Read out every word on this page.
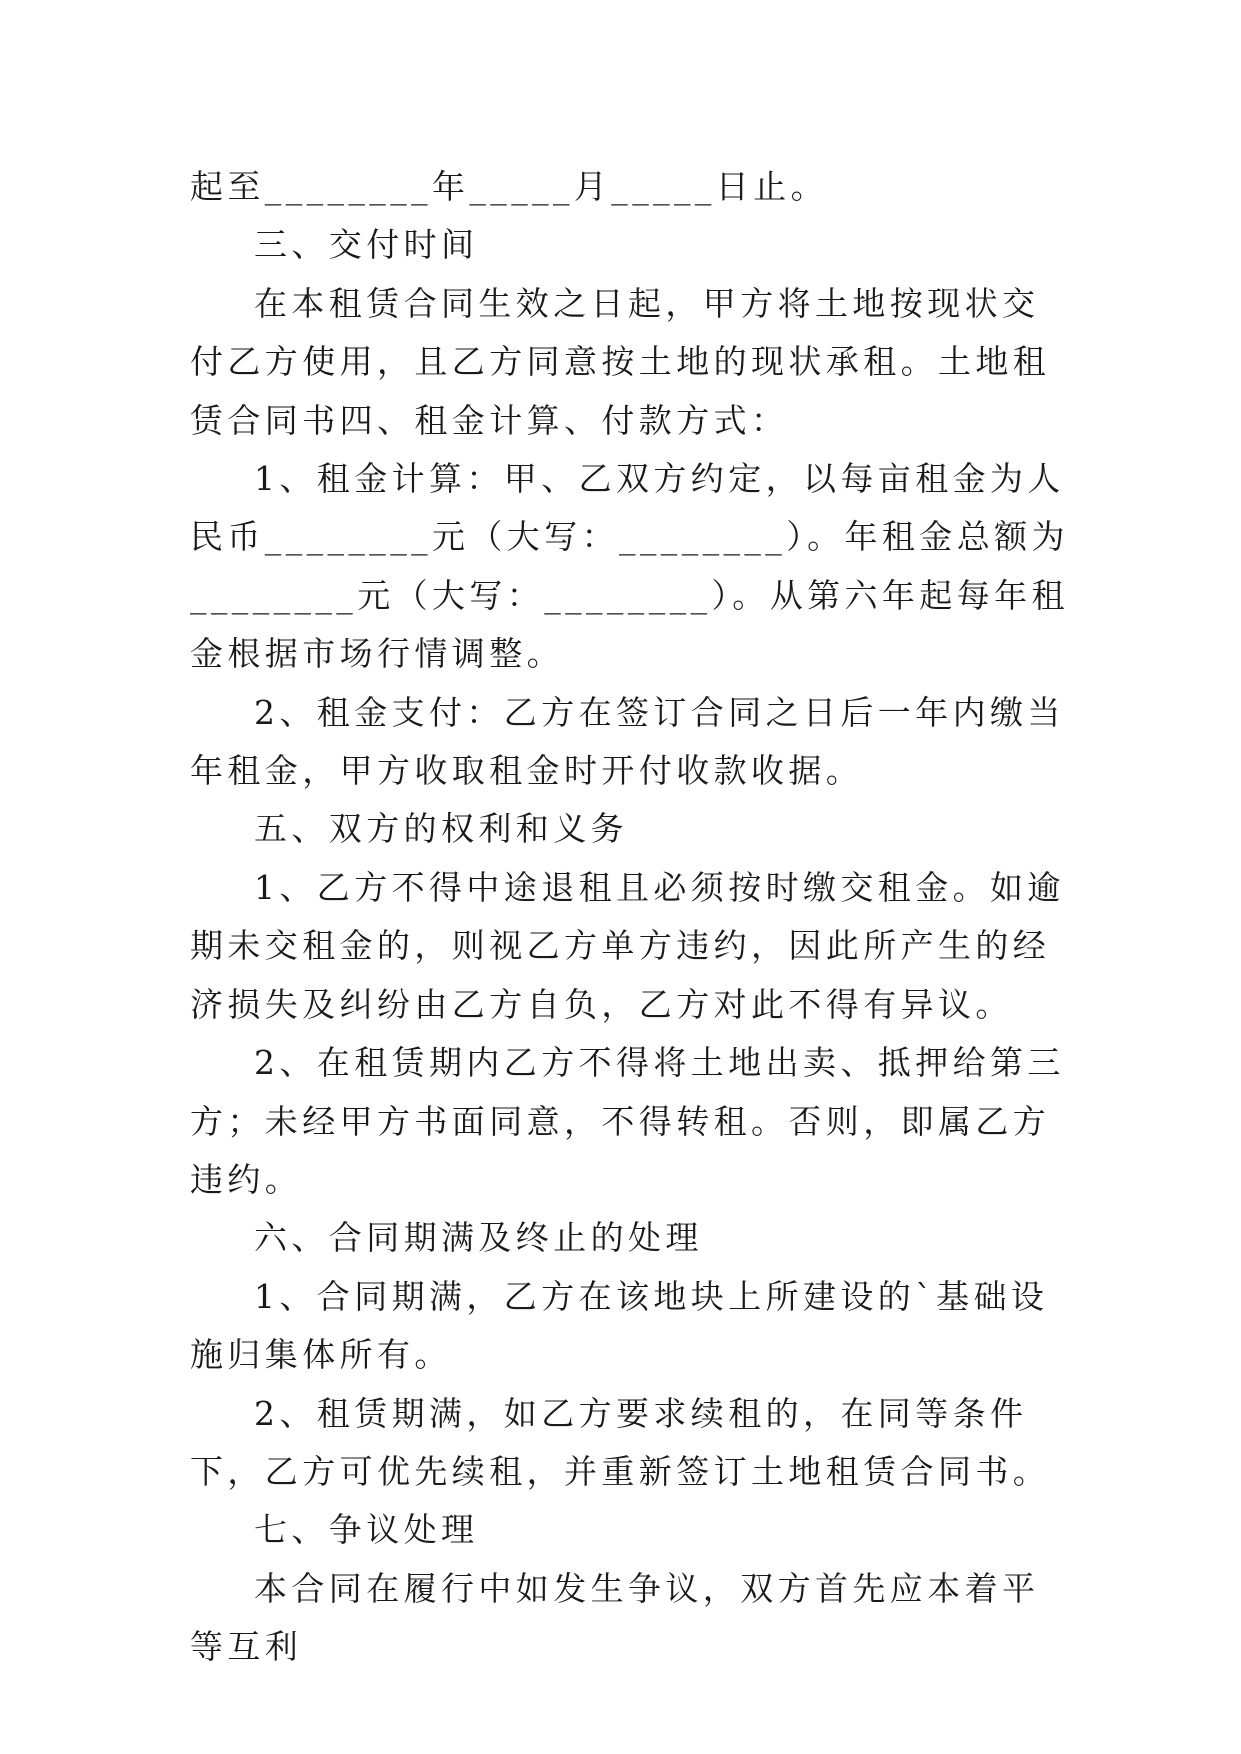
起至________年_____月_____日止。

三、交付时间

在本租赁合同生效之日起，甲方将土地按现状交付乙方使用，且乙方同意按土地的现状承租。土地租赁合同书四、租金计算、付款方式：

1、租金计算：甲、乙双方约定，以每亩租金为人民币________元（大写：________）。年租金总额为________元（大写：________）。从第六年起每年租金根据市场行情调整。

2、租金支付：乙方在签订合同之日后一年内缴当年租金，甲方收取租金时开付收款收据。

五、双方的权利和义务

1、乙方不得中途退租且必须按时缴交租金。如逾期未交租金的，则视乙方单方违约，因此所产生的经济损失及纠纷由乙方自负，乙方对此不得有异议。

2、在租赁期内乙方不得将土地出卖、抵押给第三方；未经甲方书面同意，不得转租。否则，即属乙方违约。

六、合同期满及终止的处理

1、合同期满，乙方在该地块上所建设的`基础设施归集体所有。

2、租赁期满，如乙方要求续租的，在同等条件下，乙方可优先续租，并重新签订土地租赁合同书。

七、争议处理

本合同在履行中如发生争议，双方首先应本着平等互利
